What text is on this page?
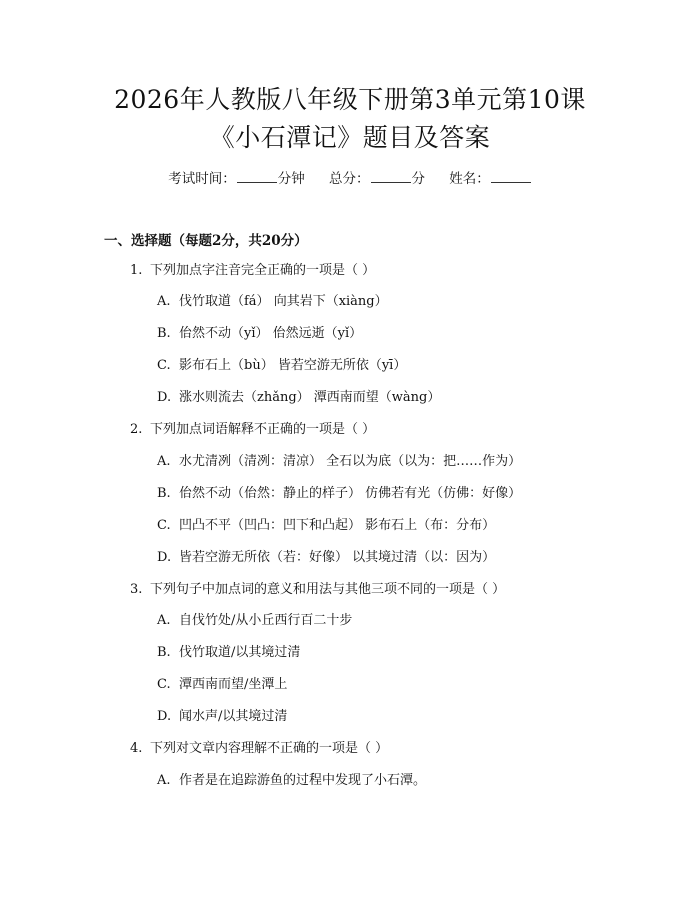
2026年人教版八年级下册第3单元第10课
《小石潭记》题目及答案
考试时间：	分钟 总分：	分 姓名：
一、选择题（每题2分，共20分）
1. 下列加点字注音完全正确的一项是（ ）
A. 伐竹取道（fá） 向其岩下（xiàng）
B. 佁然不动（yǐ） 佁然远逝（yǐ）
C. 影布石上（bù） 皆若空游无所依（yī）
D. 涨水则流去（zhǎng） 潭西南而望（wàng）
2. 下列加点词语解释不正确的一项是（ ）
A. 水尤清冽（清冽：清凉） 全石以为底（以为：把……作为）
B. 佁然不动（佁然：静止的样子） 仿佛若有光（仿佛：好像）
C. 凹凸不平（凹凸：凹下和凸起） 影布石上（布：分布）
D. 皆若空游无所依（若：好像） 以其境过清（以：因为）
3. 下列句子中加点词的意义和用法与其他三项不同的一项是（ ）
A. 自伐竹处/从小丘西行百二十步
B. 伐竹取道/以其境过清
C. 潭西南而望/坐潭上
D. 闻水声/以其境过清
4. 下列对文章内容理解不正确的一项是（ ）
A. 作者是在追踪游鱼的过程中发现了小石潭。
